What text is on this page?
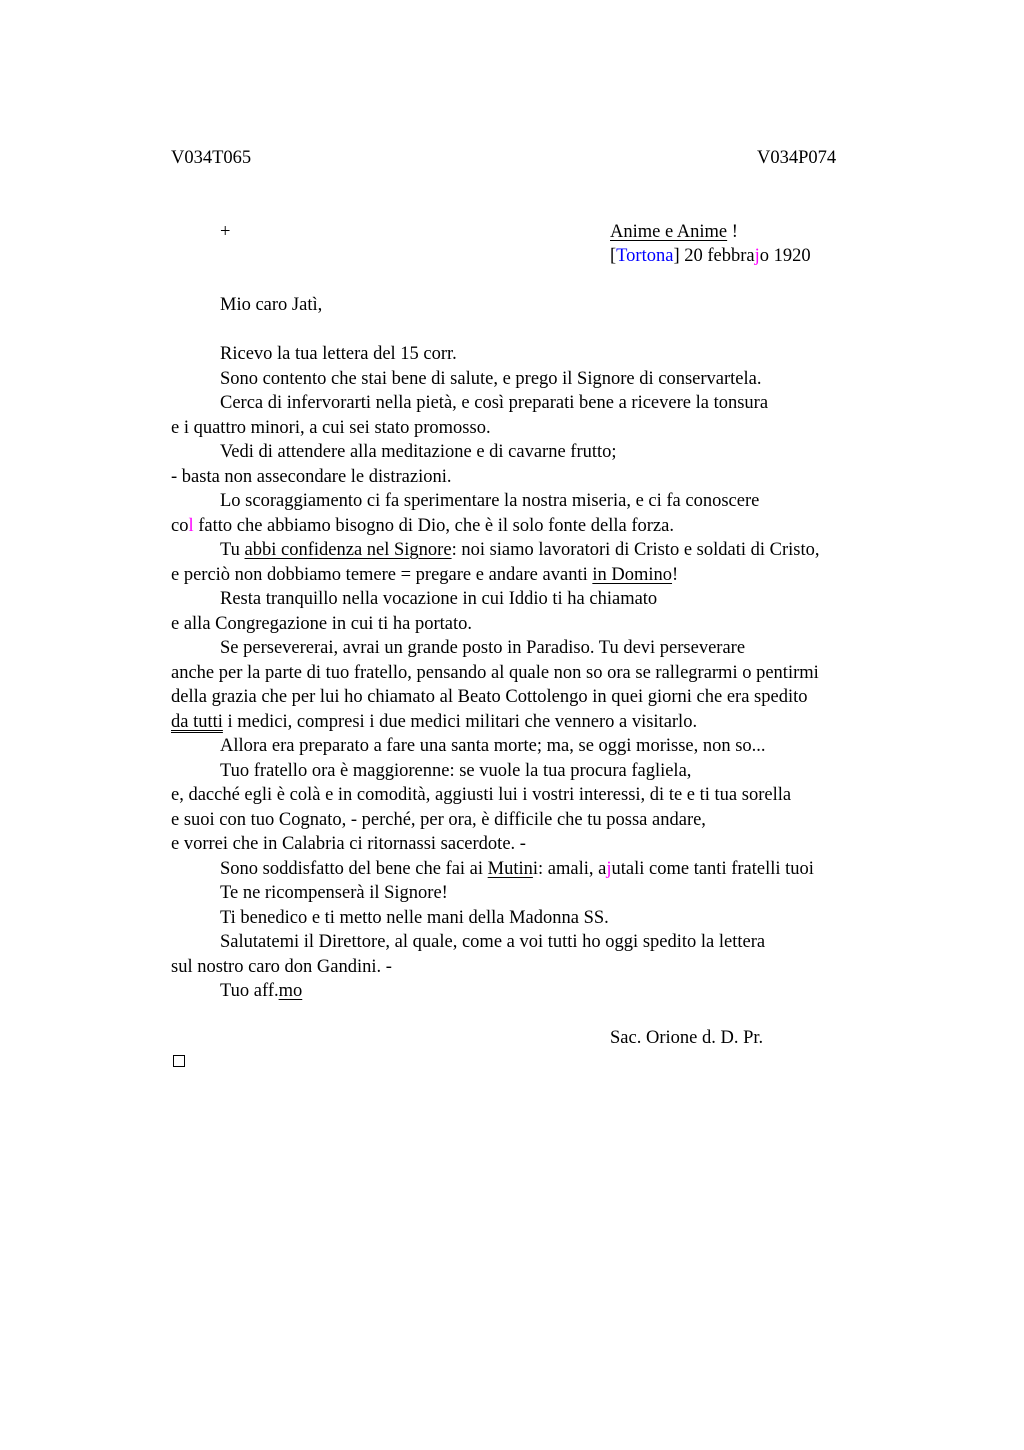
V034T065	V034P074
+	Anime e Anime !
[Tortona] 20 febbrajo 1920
Mio caro Jatì,
Ricevo la tua lettera del 15 corr.
Sono contento che stai bene di salute, e prego il Signore di conservartela.
Cerca di infervorarti nella pietà, e così preparati bene a ricevere la tonsura
e i quattro minori, a cui sei stato promosso.
Vedi di attendere alla meditazione e di cavarne frutto;
- basta non assecondare le distrazioni.
Lo scoraggiamento ci fa sperimentare la nostra miseria, e ci fa conoscere
col fatto che abbiamo bisogno di Dio, che è il solo fonte della forza.
Tu abbi confidenza nel Signore: noi siamo lavoratori di Cristo e soldati di Cristo,
e perciò non dobbiamo temere = pregare e andare avanti in Domino!
Resta tranquillo nella vocazione in cui Iddio ti ha chiamato
e alla Congregazione in cui ti ha portato.
Se persevererai, avrai un grande posto in Paradiso. Tu devi perseverare
anche per la parte di tuo fratello, pensando al quale non so ora se rallegrarmi o pentirmi
della grazia che per lui ho chiamato al Beato Cottolengo in quei giorni che era spedito
da tutti i medici, compresi i due medici militari che vennero a visitarlo.
Allora era preparato a fare una santa morte; ma, se oggi morisse, non so...
Tuo fratello ora è maggiorenne: se vuole la tua procura fagliela,
e, dacché egli è colà e in comodità, aggiusti lui i vostri interessi, di te e ti tua sorella
e suoi con tuo Cognato, - perché, per ora, è difficile che tu possa andare,
e vorrei che in Calabria ci ritornassi sacerdote. -
Sono soddisfatto del bene che fai ai Mutini: amali, ajutali come tanti fratelli tuoi
Te ne ricompenserà il Signore!
Ti benedico e ti metto nelle mani della Madonna SS.
Salutatemi il Direttore, al quale, come a voi tutti ho oggi spedito la lettera
sul nostro caro don Gandini. -
Tuo aff.mo
Sac. Orione d. D. Pr.
